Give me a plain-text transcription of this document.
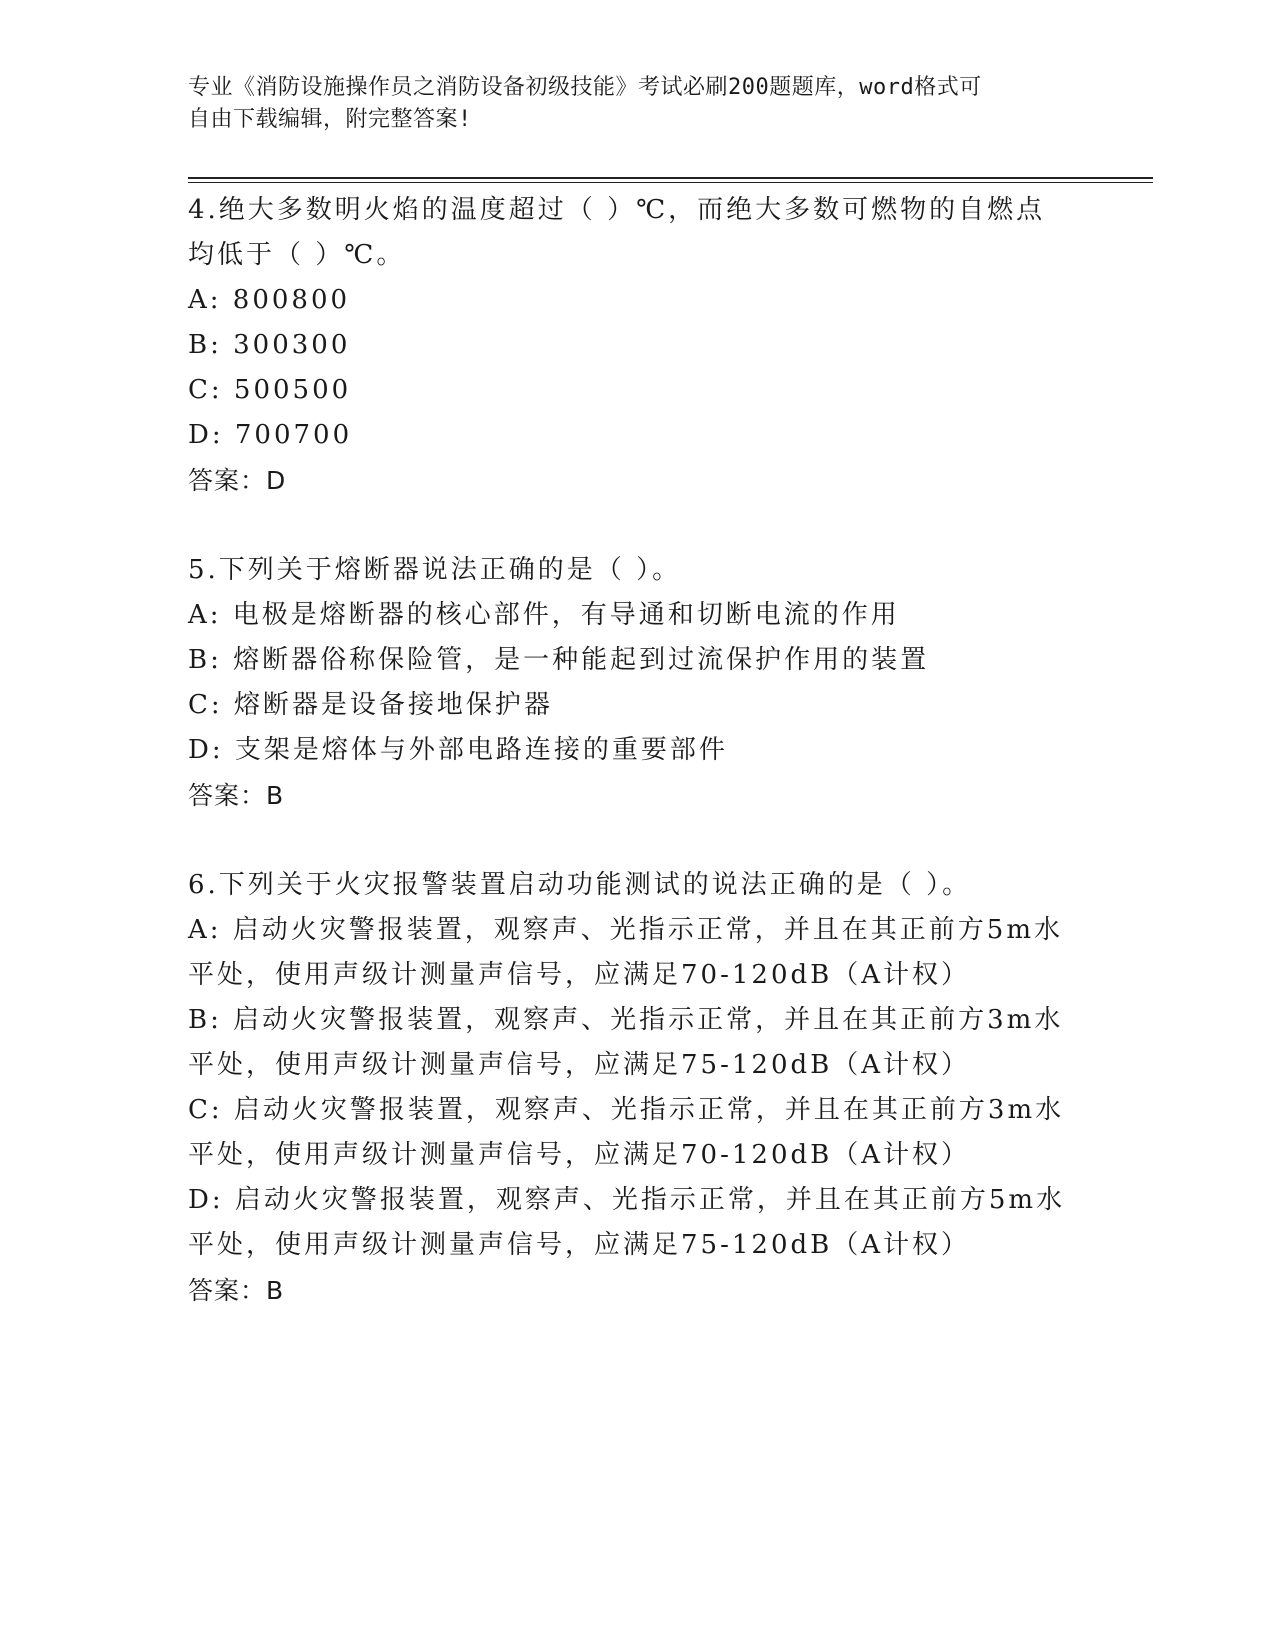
专业《消防设施操作员之消防设备初级技能》考试必刷200题题库，word格式可
自由下载编辑，附完整答案!
4.绝大多数明火焰的温度超过（ ）℃，而绝大多数可燃物的自燃点
均低于（ ）℃。
A: 800800
B: 300300
C: 500500
D: 700700
答案：D
5.下列关于熔断器说法正确的是（ ）。
A: 电极是熔断器的核心部件，有导通和切断电流的作用
B: 熔断器俗称保险管，是一种能起到过流保护作用的装置
C: 熔断器是设备接地保护器
D: 支架是熔体与外部电路连接的重要部件
答案：B
6.下列关于火灾报警装置启动功能测试的说法正确的是（ ）。
A: 启动火灾警报装置，观察声、光指示正常，并且在其正前方5m水
平处，使用声级计测量声信号，应满足70-120dB（A计权）
B: 启动火灾警报装置，观察声、光指示正常，并且在其正前方3m水
平处，使用声级计测量声信号，应满足75-120dB（A计权）
C: 启动火灾警报装置，观察声、光指示正常，并且在其正前方3m水
平处，使用声级计测量声信号，应满足70-120dB（A计权）
D: 启动火灾警报装置，观察声、光指示正常，并且在其正前方5m水
平处，使用声级计测量声信号，应满足75-120dB（A计权）
答案：B
